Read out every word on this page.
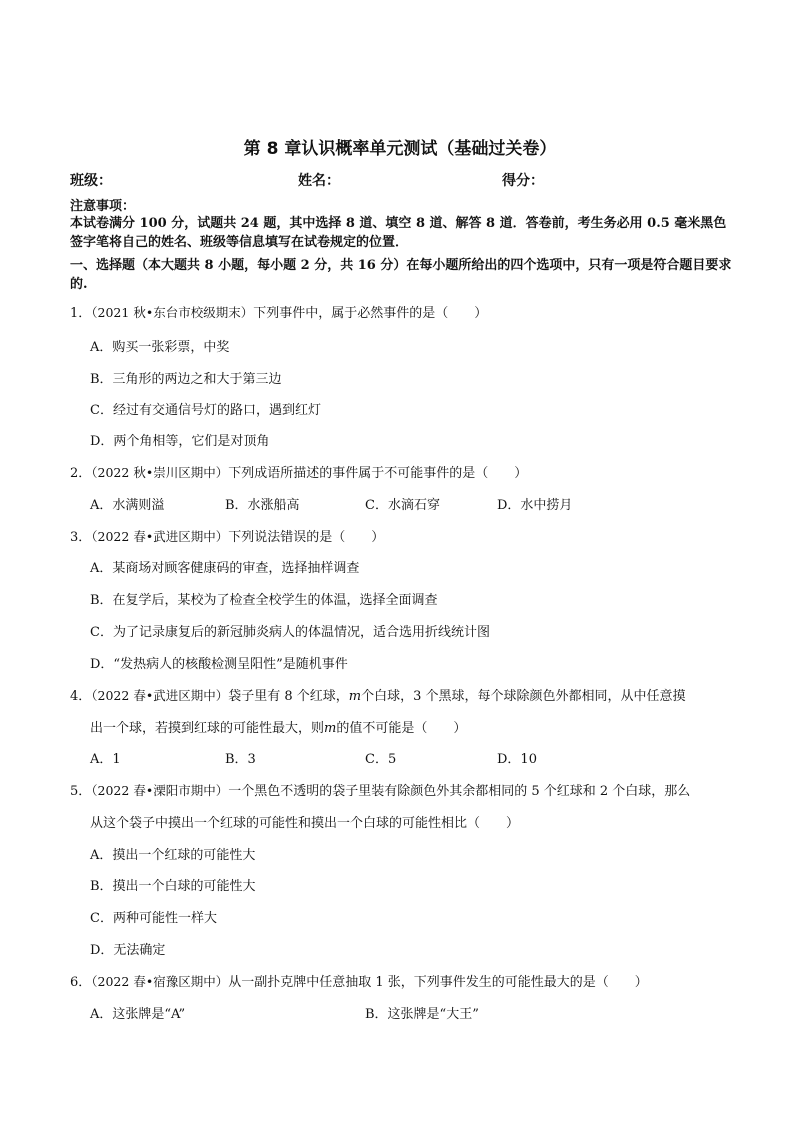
第 8 章认识概率单元测试（基础过关卷）
班级：	姓名：	得分：
注意事项：
本试卷满分 100 分，试题共 24 题，其中选择 8 道、填空 8 道、解答 8 道．答卷前，考生务必用 0.5 毫米黑色签字笔将自己的姓名、班级等信息填写在试卷规定的位置．
一、选择题（本大题共 8 小题，每小题 2 分，共 16 分）在每小题所给出的四个选项中，只有一项是符合题目要求的.
1．（2021 秋•东台市校级期末）下列事件中，属于必然事件的是（　　）
A．购买一张彩票，中奖
B．三角形的两边之和大于第三边
C．经过有交通信号灯的路口，遇到红灯
D．两个角相等，它们是对顶角
2．（2022 秋•崇川区期中）下列成语所描述的事件属于不可能事件的是（　　）
A．水满则溢	B．水涨船高	C．水滴石穿	D．水中捞月
3．（2022 春•武进区期中）下列说法错误的是（　　）
A．某商场对顾客健康码的审查，选择抽样调查
B．在复学后，某校为了检查全校学生的体温，选择全面调查
C．为了记录康复后的新冠肺炎病人的体温情况，适合选用折线统计图
D．“发热病人的核酸检测呈阳性”是随机事件
4．（2022 春•武进区期中）袋子里有 8 个红球，m个白球，3 个黑球，每个球除颜色外都相同，从中任意摸
出一个球，若摸到红球的可能性最大，则m的值不可能是（　　）
A．1	B．3	C．5	D．10
5．（2022 春•溧阳市期中）一个黑色不透明的袋子里装有除颜色外其余都相同的 5 个红球和 2 个白球，那么
从这个袋子中摸出一个红球的可能性和摸出一个白球的可能性相比（　　）
A．摸出一个红球的可能性大
B．摸出一个白球的可能性大
C．两种可能性一样大
D．无法确定
6．（2022 春•宿豫区期中）从一副扑克牌中任意抽取 1 张，下列事件发生的可能性最大的是（　　）
A．这张牌是“A”	B．这张牌是“大王”
